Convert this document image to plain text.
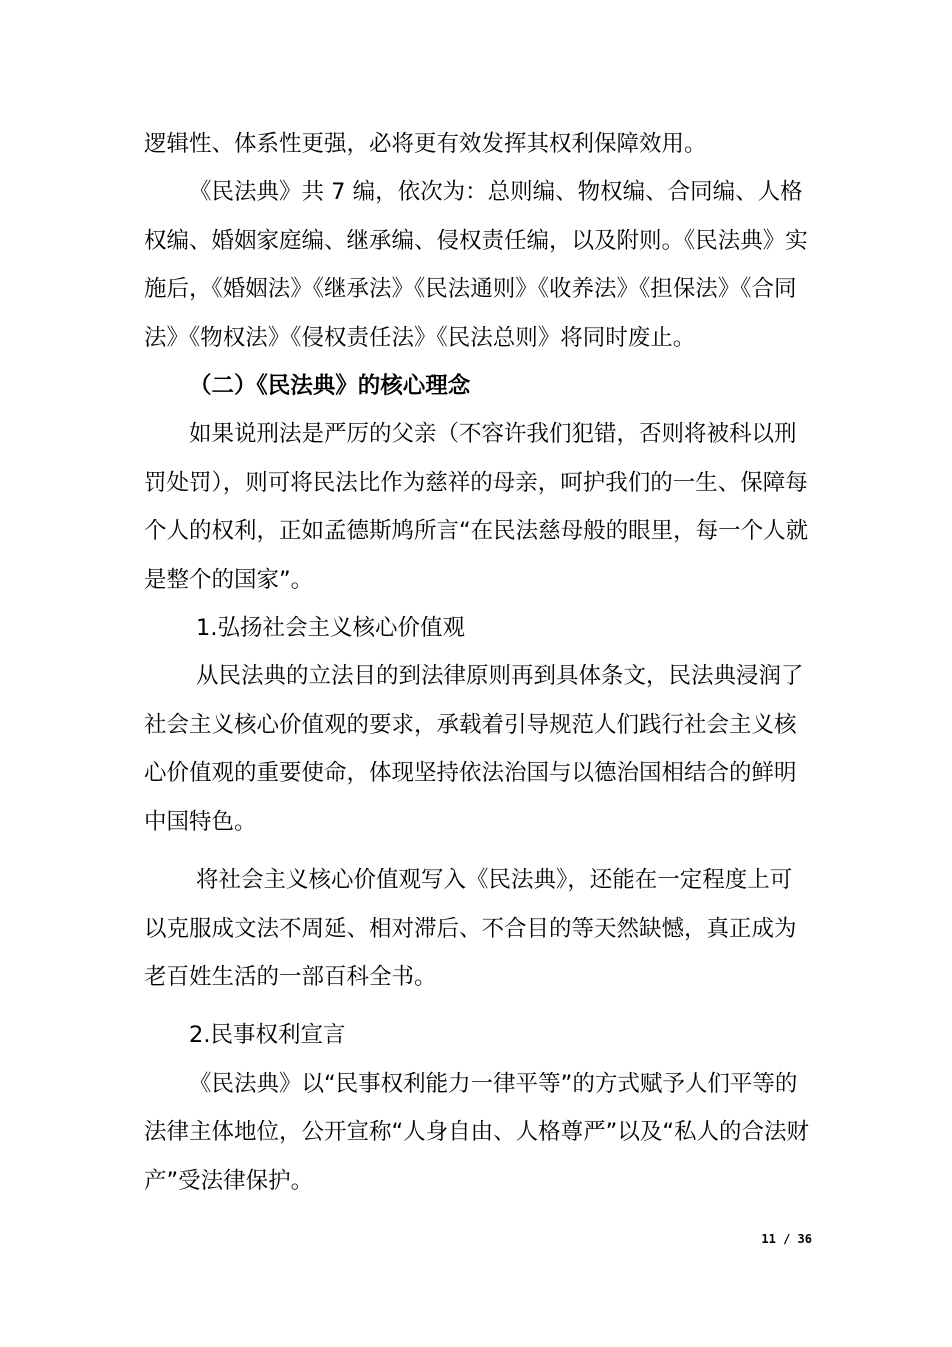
逻辑性、体系性更强，必将更有效发挥其权利保障效用。

《民法典》共 7 编，依次为：总则编、物权编、合同编、人格权编、婚姻家庭编、继承编、侵权责任编，以及附则。《民法典》实施后，《婚姻法》《继承法》《民法通则》《收养法》《担保法》《合同法》《物权法》《侵权责任法》《民法总则》将同时废止。

（二）《民法典》的核心理念

如果说刑法是严厉的父亲（不容许我们犯错，否则将被科以刑罚处罚），则可将民法比作为慈祥的母亲，呵护我们的一生、保障每个人的权利，正如孟德斯鸠所言“在民法慈母般的眼里，每一个人就是整个的国家”。

1.弘扬社会主义核心价值观

从民法典的立法目的到法律原则再到具体条文，民法典浸润了社会主义核心价值观的要求，承载着引导规范人们践行社会主义核心价值观的重要使命，体现坚持依法治国与以德治国相结合的鲜明中国特色。

将社会主义核心价值观写入《民法典》，还能在一定程度上可以克服成文法不周延、相对滞后、不合目的等天然缺憾，真正成为老百姓生活的一部百科全书。

2.民事权利宣言

《民法典》以“民事权利能力一律平等”的方式赋予人们平等的法律主体地位，公开宣称“人身自由、人格尊严”以及“私人的合法财产”受法律保护。

11 / 36
